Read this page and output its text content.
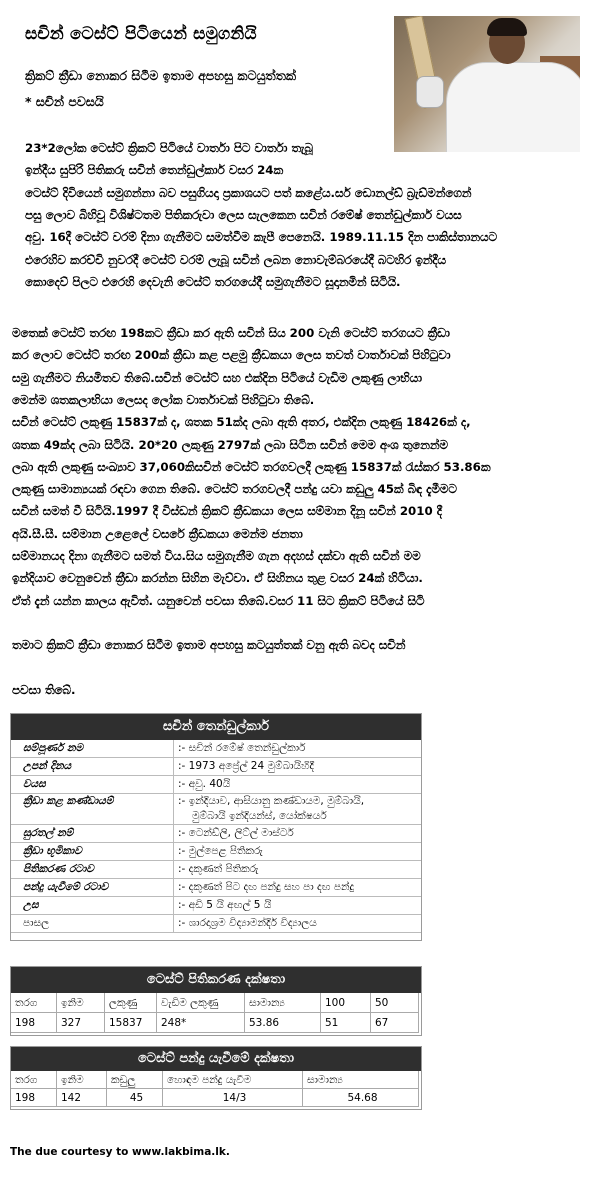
සචින් ටෙස්ට් පිටියෙන් සමුගනියි
ක්‍රිකට් ක්‍රීඩා නොකර සිටීම ඉතාම අපහසු කටයුත්තක්
* සචින් පවසයි
23*2ලෝක ටෙස්ට් ක්‍රිකට් පිටියේ වාර්තා පිට වාර්තා තැබූ
ඉන්දීය සුපිරි පිතිකරු සචින් තෙන්ඩුල්කාර් වසර 24ක
ටෙස්ට් දිවියෙන් සමුගන්නා බව පසුගියදා ප්‍රකාශයට පත් කළේය.සර් ඩොනල්ඩ් බ්‍රැඩ්මන්ගෙන්
පසු ලොව බිහිවූ විශිෂ්ටතම පිතිකරුවා ලෙස සැලකෙන සචින් රමේෂ් තෙන්ඩුල්කාර් වයස
අවු. 16දී ටෙස්ට් වරම් දිනා ගැනීමට සමත්වීම කැපී පෙනෙයි. 1989.11.15 දින පාකිස්තානයට
එරෙහිව කරච්චි නුවරදී ටෙස්ට් වරම් ලැබූ සචින් ලබන නොවැම්බරයේදී බටහිර ඉන්දීය
කොදෙව් පිලට එරෙහි දෙවැනි ටෙස්ට් තරගයේදී සමුගැනීමට සූදානමින් සිටියි.
මතෙක් ටෙස්ට් තරඟ 198කට ක්‍රීඩා කර ඇති සචින් සිය 200 වැනි ටෙස්ට් තරගයට ක්‍රීඩා
කර ලොව ටෙස්ට් තරඟ 200ක් ක්‍රීඩා කළ පළමු ක්‍රීඩකයා ලෙස තවත් වාර්තාවක් පිහිටුවා
සමු ගැනීමට නියමිතව තිබේ.සචින් ටෙස්ට් සහ එක්දින පිටියේ වැඩිම ලකුණු ලාභියා
මෙන්ම ශතකලාභියා ලෙසද ලෝක වාර්තාවක් පිහිටුවා තිබේ.
සචින් ටෙස්ට් ලකුණු 15837ක් ද, ශතක 51ක්ද ලබා ඇති අතර, එක්දින ලකුණු 18426ක් ද,
ශතක 49ක්ද ලබා සිටියි. 20*20 ලකුණු 2797ක් ලබා සිටින සචින් මෙම අංශ තුනෙන්ම
ලබා ඇති ලකුණු සංඛ්‍යාව 37,060කිසචින් ටෙස්ට් තරගවලදී ලකුණු 15837ක් රැස්කර 53.86ක
ලකුණු සාමාන්‍යයක් රඳවා ගෙන තිබේ. ටෙස්ට් තරගවලදී පන්දු යවා කඩුලු 45ක් බිඳ දැමීමට
සචින් සමත් වී සිටියි.1997 දී විස්ඩන් ක්‍රිකට් ක්‍රීඩකයා ලෙස සම්මාන දිනූ සචින් 2010 දී
අයි.සී.සී. සම්මාන උළෙලේ වසරේ ක්‍රීඩකයා මෙන්ම ජනතා
සම්මානයද දිනා ගැනීමට සමත් විය.සිය සමුගැනීම ගැන අදහස් දක්වා ඇති සචින් මම
ඉන්දියාව වෙනුවෙන් ක්‍රීඩා කරන්න සිහින මැව්වා. ඒ සිහිනය තුළ වසර 24ක් හිටියා.
ඒත් දැන් යන්න කාලය ඇවිත්. යනුවෙන් පවසා තිබේ.වසර 11 සිට ක්‍රිකට් පිටියේ සිටි
තමාට ක්‍රිකට් ක්‍රීඩා නොකර සිටීම ඉතාම අපහසු කටයුත්තක් වනු ඇති බවද සචින්
පවසා තිබේ.
සචින් තෙන්ඩුල්කාර්
සම්පූර්ණ නම	:- සචින් රමේෂ් තෙන්ඩුල්කාර්
උපන් දිනය	:- 1973 අප්‍රේල් 24 මුම්බායිහිදී
වයස	:- අවු. 40යි
ක්‍රීඩා කළ කණ්ඩායම්	:- ඉන්දියාව, ආසියානු කණ්ඩායම, මුම්බායි,
මුම්බායි ඉන්දියන්ස්, යෝක්ෂයර්
සුරතල් නම්	:- ටෙන්ඩ්ලි, ලිට්ල් මාස්ටර්
ක්‍රීඩා භූමිකාව	:- මුල්පෙළ පිතිකරු
පිතිකරණ රටාව	:- දකුණත් පිතිකරු
පන්දු යැවීමේ රටාව	:- දකුණත් පිට දඟ පන්දු සහ පා දඟ පන්දු
උස	:- අඩි 5 යි අඟල් 5 යි
පාසල	:- ශාරදාශ්‍රම විද්‍යාමන්දිර් විද්‍යාලය
ටෙස්ට් පිතිකරණ දක්ෂතා
තරග	ඉනිම	ලකුණු	වැඩිම ලකුණු	සාමාන්‍ය	100	50
198	327	15837	248*	53.86	51	67
ටෙස්ට් පන්දු යැවීමේ දක්ෂතා
තරග	ඉනිම	කඩුලු	හොඳම පන්දු යැවීම	සාමාන්‍ය
198	142	45	14/3	54.68
The due courtesy to www.lakbima.lk.
